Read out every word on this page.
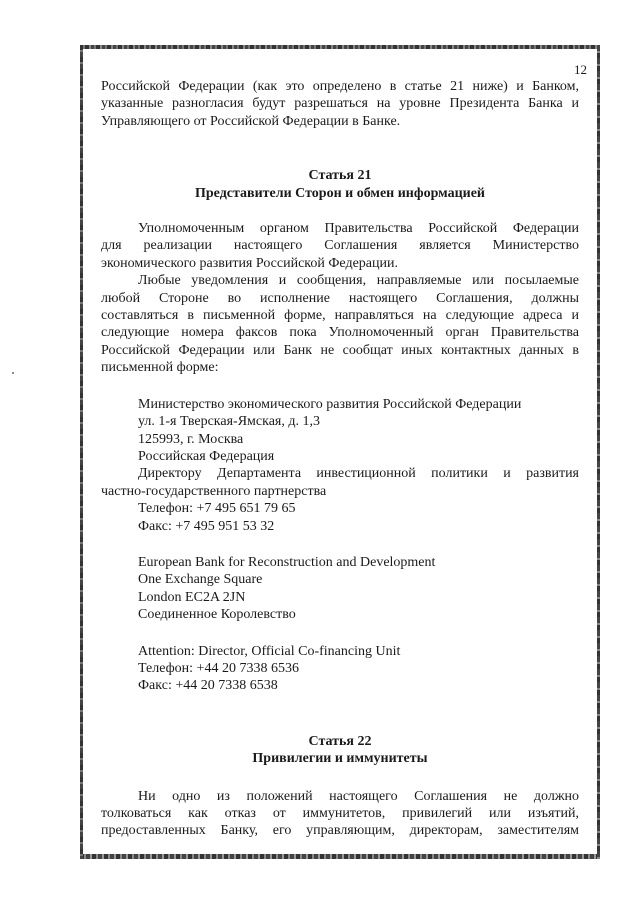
12

Российской Федерации (как это определено в статье 21 ниже) и Банком,

указанные разногласия будут разрешаться на уровне Президента Банка и

Управляющего от Российской Федерации в Банке.

Статья 21

Представители Сторон и обмен информацией

Уполномоченным органом Правительства Российской Федерации

для реализации настоящего Соглашения является Министерство

экономического развития Российской Федерации.

Любые уведомления и сообщения, направляемые или посылаемые

любой Стороне во исполнение настоящего Соглашения, должны

составляться в письменной форме, направляться на следующие адреса и

следующие номера факсов пока Уполномоченный орган Правительства

Российской Федерации или Банк не сообщат иных контактных данных в

письменной форме:

Министерство экономического развития Российской Федерации

ул. 1-я Тверская-Ямская, д. 1,3

125993, г. Москва

Российская Федерация

Директору Департамента инвестиционной политики и развития

частно-государственного партнерства

Телефон: +7 495 651 79 65

Факс: +7 495 951 53 32

European Bank for Reconstruction and Development

One Exchange Square

London EC2A 2JN

Соединенное Королевство

Attention: Director, Official Co-financing Unit

Телефон: +44 20 7338 6536

Факс: +44 20 7338 6538

Статья 22

Привилегии и иммунитеты

Ни одно из положений настоящего Соглашения не должно

толковаться как отказ от иммунитетов, привилегий или изъятий,

предоставленных Банку, его управляющим, директорам, заместителям
